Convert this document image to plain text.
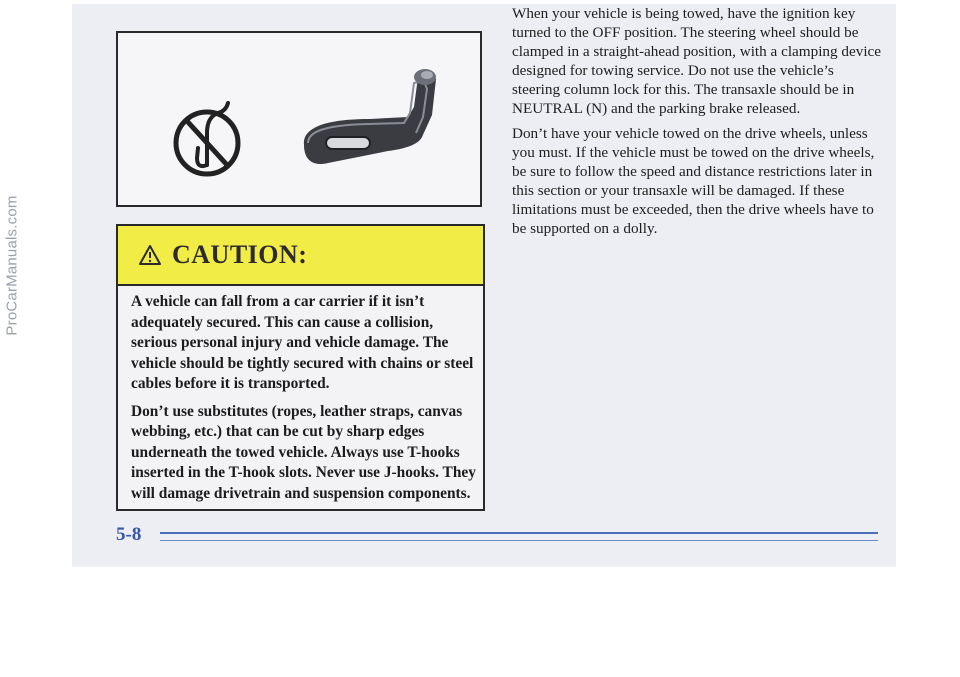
ProCarManuals.com	CAUTION:

A vehicle can fall from a car carrier if it isn’t adequately secured. This can cause a collision, serious personal injury and vehicle damage. The vehicle should be tightly secured with chains or steel cables before it is transported.

Don’t use substitutes (ropes, leather straps, canvas webbing, etc.) that can be cut by sharp edges underneath the towed vehicle. Always use T-hooks inserted in the T-hook slots. Never use J-hooks. They will damage drivetrain and suspension components.

When your vehicle is being towed, have the ignition key turned to the OFF position. The steering wheel should be clamped in a straight-ahead position, with a clamping device designed for towing service. Do not use the vehicle’s steering column lock for this. The transaxle should be in NEUTRAL (N) and the parking brake released.

Don’t have your vehicle towed on the drive wheels, unless you must. If the vehicle must be towed on the drive wheels, be sure to follow the speed and distance restrictions later in this section or your transaxle will be damaged. If these limitations must be exceeded, then the drive wheels have to be supported on a dolly.

5-8
